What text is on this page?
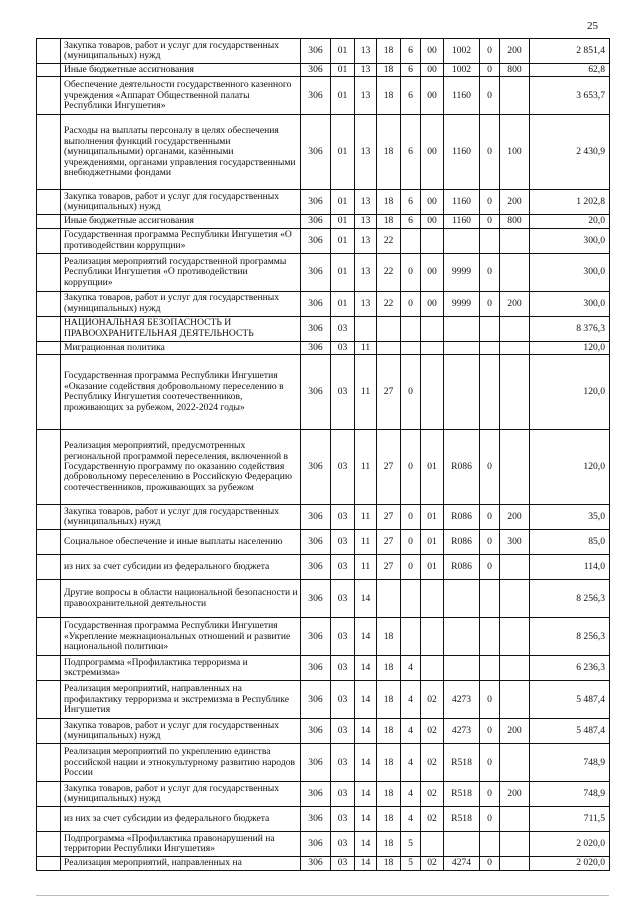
25
	Закупка товаров, работ и услуг для государственных (муниципальных) нужд	306	01	13	18	6	00	1002	0	200	2 851,4
	Иные бюджетные ассигнования	306	01	13	18	6	00	1002	0	800	62,8
	Обеспечение деятельности государственного казенного учреждения «Аппарат Общественной палаты Республики Ингушетия»	306	01	13	18	6	00	1160	0		3 653,7
	Расходы на выплаты персоналу в целях обеспечения выполнения функций государственными (муниципальными) органами, казёнными учреждениями, органами управления государственными внебюджетными фондами	306	01	13	18	6	00	1160	0	100	2 430,9
	Закупка товаров, работ и услуг для государственных (муниципальных) нужд	306	01	13	18	6	00	1160	0	200	1 202,8
	Иные бюджетные ассигнования	306	01	13	18	6	00	1160	0	800	20,0
	Государственная программа Республики Ингушетия «О противодействии коррупции»	306	01	13	22						300,0
	Реализация мероприятий государственной программы Республики Ингушетия «О противодействии коррупции»	306	01	13	22	0	00	9999	0		300,0
	Закупка товаров, работ и услуг для государственных (муниципальных) нужд	306	01	13	22	0	00	9999	0	200	300,0
	НАЦИОНАЛЬНАЯ БЕЗОПАСНОСТЬ И ПРАВООХРАНИТЕЛЬНАЯ ДЕЯТЕЛЬНОСТЬ	306	03								8 376,3
	Миграционная политика	306	03	11							120,0
	Государственная программа Республики Ингушетия «Оказание содействия добровольному переселению в Республику Ингушетия соотечественников, проживающих за рубежом, 2022-2024 годы»	306	03	11	27	0					120,0
	Реализация мероприятий, предусмотренных региональной программой переселения, включенной в Государственную программу по оказанию содействия добровольному переселению в Российскую Федерацию соотечественников, проживающих за рубежом	306	03	11	27	0	01	R086	0		120,0
	Закупка товаров, работ и услуг для государственных (муниципальных) нужд	306	03	11	27	0	01	R086	0	200	35,0
	Социальное обеспечение и иные выплаты населению	306	03	11	27	0	01	R086	0	300	85,0
	из них за счет субсидии из федерального бюджета	306	03	11	27	0	01	R086	0		114,0
	Другие вопросы в области национальной безопасности и правоохранительной деятельности	306	03	14							8 256,3
	Государственная программа Республики Ингушетия «Укрепление межнациональных отношений и развитие национальной политики»	306	03	14	18						8 256,3
	Подпрограмма «Профилактика терроризма и экстремизма»	306	03	14	18	4					6 236,3
	Реализация мероприятий, направленных на профилактику терроризма и экстремизма в Республике Ингушетия	306	03	14	18	4	02	4273	0		5 487,4
	Закупка товаров, работ и услуг для государственных (муниципальных) нужд	306	03	14	18	4	02	4273	0	200	5 487,4
	Реализация мероприятий по укреплению единства российской нации и этнокультурному развитию народов России	306	03	14	18	4	02	R518	0		748,9
	Закупка товаров, работ и услуг для государственных (муниципальных) нужд	306	03	14	18	4	02	R518	0	200	748,9
	из них за счет субсидии из федерального бюджета	306	03	14	18	4	02	R518	0		711,5
	Подпрограмма «Профилактика правонарушений на территории Республики Ингушетия»	306	03	14	18	5					2 020,0
	Реализация мероприятий, направленных на	306	03	14	18	5	02	4274	0		2 020,0
